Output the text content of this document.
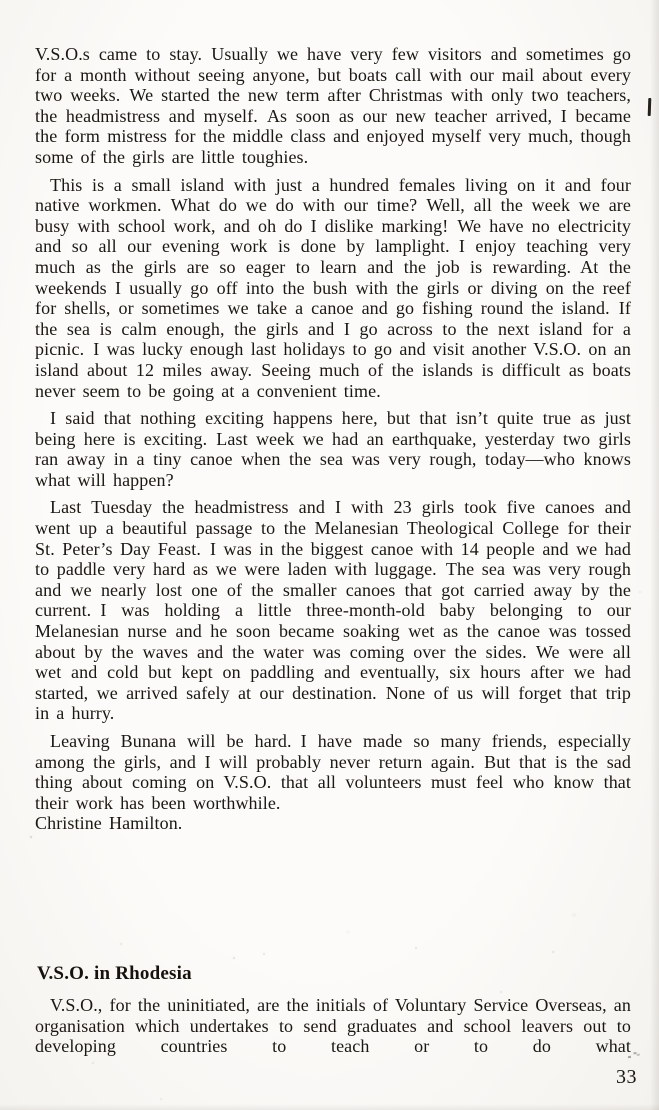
V.S.O.s came to stay. Usually we have very few visitors and sometimes go for a month without seeing anyone, but boats call with our mail about every two weeks. We started the new term after Christmas with only two teachers, the headmistress and myself. As soon as our new teacher arrived, I became the form mistress for the middle class and enjoyed myself very much, though some of the girls are little toughies.

This is a small island with just a hundred females living on it and four native workmen. What do we do with our time? Well, all the week we are busy with school work, and oh do I dislike marking! We have no electricity and so all our evening work is done by lamplight. I enjoy teaching very much as the girls are so eager to learn and the job is rewarding. At the weekends I usually go off into the bush with the girls or diving on the reef for shells, or sometimes we take a canoe and go fishing round the island. If the sea is calm enough, the girls and I go across to the next island for a picnic. I was lucky enough last holidays to go and visit another V.S.O. on an island about 12 miles away. Seeing much of the islands is difficult as boats never seem to be going at a convenient time.

I said that nothing exciting happens here, but that isn’t quite true as just being here is exciting. Last week we had an earthquake, yesterday two girls ran away in a tiny canoe when the sea was very rough, today—who knows what will happen?

Last Tuesday the headmistress and I with 23 girls took five canoes and went up a beautiful passage to the Melanesian Theological College for their St. Peter’s Day Feast. I was in the biggest canoe with 14 people and we had to paddle very hard as we were laden with luggage. The sea was very rough and we nearly lost one of the smaller canoes that got carried away by the current. I was holding a little three-month-old baby belonging to our Melanesian nurse and he soon became soaking wet as the canoe was tossed about by the waves and the water was coming over the sides. We were all wet and cold but kept on paddling and eventually, six hours after we had started, we arrived safely at our destination. None of us will forget that trip in a hurry.

Leaving Bunana will be hard. I have made so many friends, especially among the girls, and I will probably never return again. But that is the sad thing about coming on V.S.O. that all volunteers must feel who know that their work has been worthwhile.

Christine Hamilton.

V.S.O. in Rhodesia

V.S.O., for the uninitiated, are the initials of Voluntary Service Overseas, an organisation which undertakes to send graduates and school leavers out to developing countries to teach or to do what

33
